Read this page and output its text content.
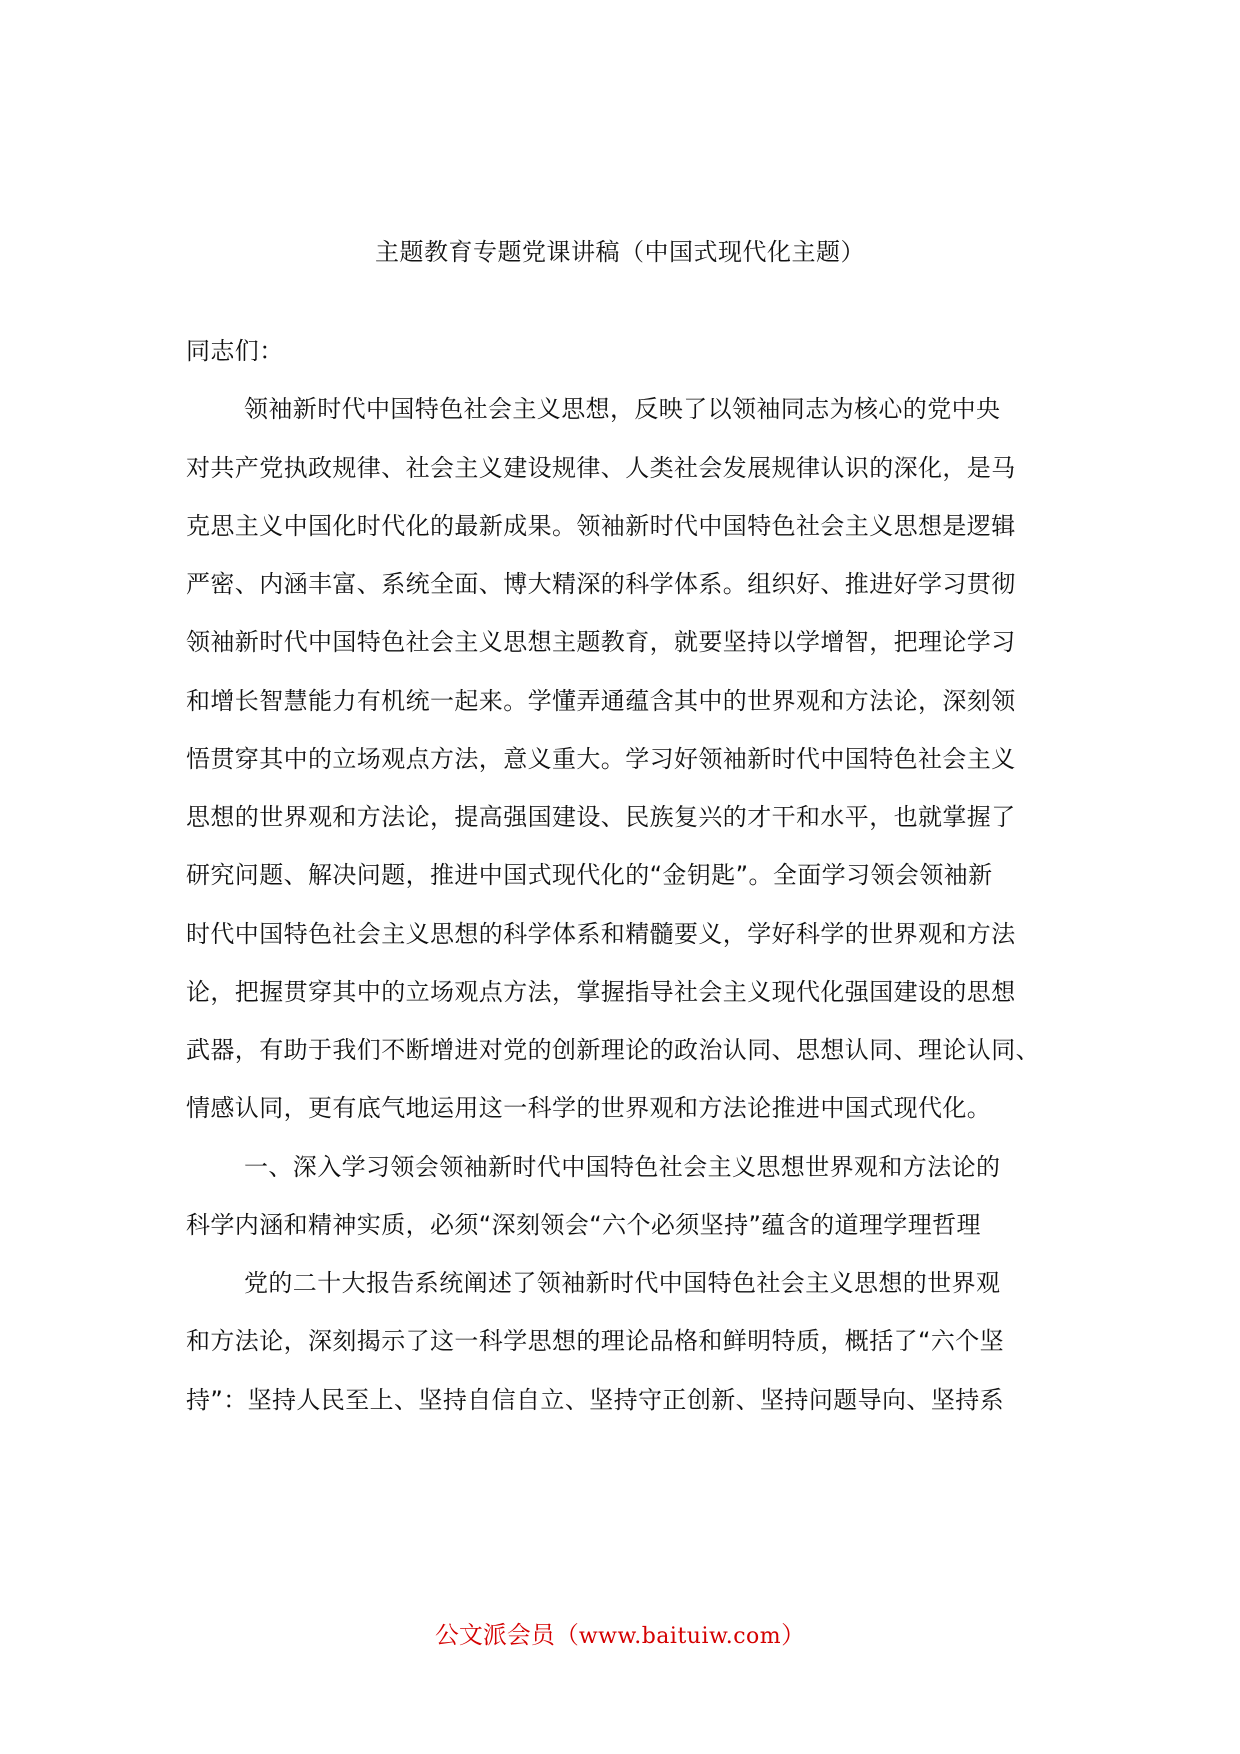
主题教育专题党课讲稿（中国式现代化主题）
同志们：
领袖新时代中国特色社会主义思想，反映了以领袖同志为核心的党中央
对共产党执政规律、社会主义建设规律、人类社会发展规律认识的深化，是马
克思主义中国化时代化的最新成果。领袖新时代中国特色社会主义思想是逻辑
严密、内涵丰富、系统全面、博大精深的科学体系。组织好、推进好学习贯彻
领袖新时代中国特色社会主义思想主题教育，就要坚持以学增智，把理论学习
和增长智慧能力有机统一起来。学懂弄通蕴含其中的世界观和方法论，深刻领
悟贯穿其中的立场观点方法，意义重大。学习好领袖新时代中国特色社会主义
思想的世界观和方法论，提高强国建设、民族复兴的才干和水平，也就掌握了
研究问题、解决问题，推进中国式现代化的“金钥匙”。全面学习领会领袖新
时代中国特色社会主义思想的科学体系和精髓要义，学好科学的世界观和方法
论，把握贯穿其中的立场观点方法，掌握指导社会主义现代化强国建设的思想
武器，有助于我们不断增进对党的创新理论的政治认同、思想认同、理论认同、
情感认同，更有底气地运用这一科学的世界观和方法论推进中国式现代化。
一、深入学习领会领袖新时代中国特色社会主义思想世界观和方法论的
科学内涵和精神实质，必须“深刻领会“六个必须坚持”蕴含的道理学理哲理
党的二十大报告系统阐述了领袖新时代中国特色社会主义思想的世界观
和方法论，深刻揭示了这一科学思想的理论品格和鲜明特质，概括了“六个坚
持”：坚持人民至上、坚持自信自立、坚持守正创新、坚持问题导向、坚持系
公文派会员（www.baituiw.com）
